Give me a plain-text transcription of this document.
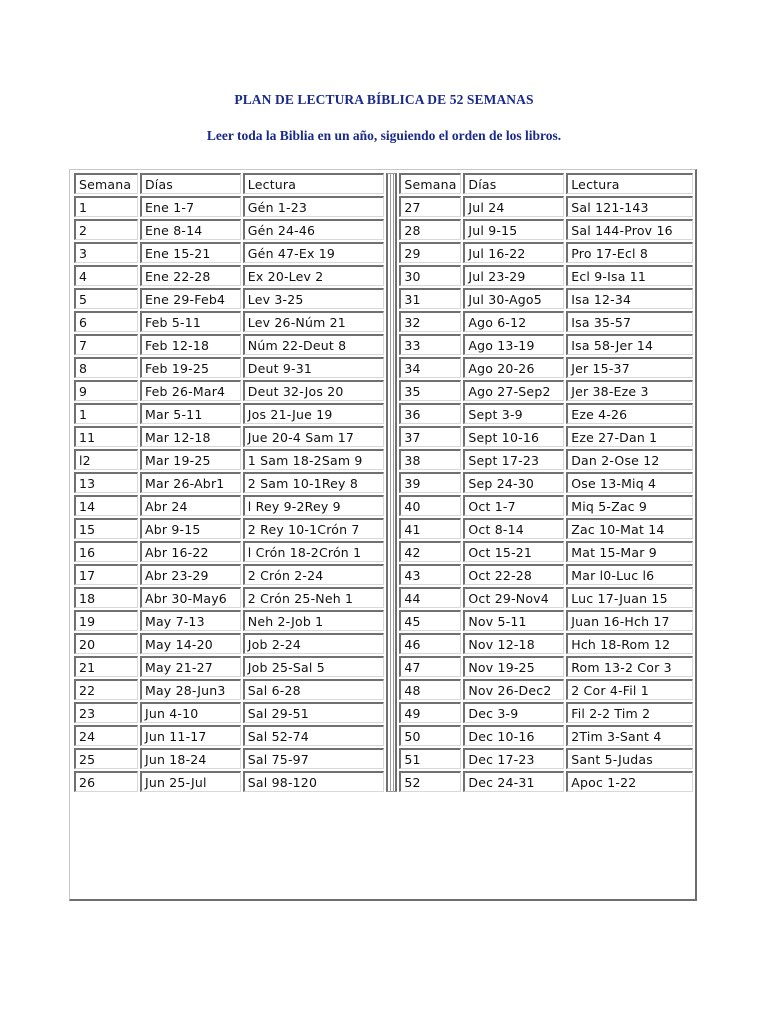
PLAN DE LECTURA BÍBLICA DE 52 SEMANAS
Leer toda la Biblia en un año, siguiendo el orden de los libros.
Semana	Días	Lectura		Semana	Días	Lectura
1	Ene 1-7	Gén 1-23		27	Jul 24	Sal 121-143
2	Ene 8-14	Gén 24-46		28	Jul 9-15	Sal 144-Prov 16
3	Ene 15-21	Gén 47-Ex 19		29	Jul 16-22	Pro 17-Ecl 8
4	Ene 22-28	Ex 20-Lev 2		30	Jul 23-29	Ecl 9-Isa 11
5	Ene 29-Feb4	Lev 3-25		31	Jul 30-Ago5	Isa 12-34
6	Feb 5-11	Lev 26-Núm 21		32	Ago 6-12	Isa 35-57
7	Feb 12-18	Núm 22-Deut 8		33	Ago 13-19	Isa 58-Jer 14
8	Feb 19-25	Deut 9-31		34	Ago 20-26	Jer 15-37
9	Feb 26-Mar4	Deut 32-Jos 20		35	Ago 27-Sep2	Jer 38-Eze 3
1	Mar 5-11	Jos 21-Jue 19		36	Sept 3-9	Eze 4-26
11	Mar 12-18	Jue 20-4 Sam 17		37	Sept 10-16	Eze 27-Dan 1
l2	Mar 19-25	1 Sam 18-2Sam 9		38	Sept 17-23	Dan 2-Ose 12
13	Mar 26-Abr1	2 Sam 10-1Rey 8		39	Sep 24-30	Ose 13-Miq 4
14	Abr 24	l Rey 9-2Rey 9		40	Oct 1-7	Miq 5-Zac 9
15	Abr 9-15	2 Rey 10-1Crón 7		41	Oct 8-14	Zac 10-Mat 14
16	Abr 16-22	l Crón 18-2Crón 1		42	Oct 15-21	Mat 15-Mar 9
17	Abr 23-29	2 Crón 2-24		43	Oct 22-28	Mar l0-Luc l6
18	Abr 30-May6	2 Crón 25-Neh 1		44	Oct 29-Nov4	Luc 17-Juan 15
19	May 7-13	Neh 2-Job 1		45	Nov 5-11	Juan 16-Hch 17
20	May 14-20	Job 2-24		46	Nov 12-18	Hch 18-Rom 12
21	May 21-27	Job 25-Sal 5		47	Nov 19-25	Rom 13-2 Cor 3
22	May 28-Jun3	Sal 6-28		48	Nov 26-Dec2	2 Cor 4-Fil 1
23	Jun 4-10	Sal 29-51		49	Dec 3-9	Fil 2-2 Tim 2
24	Jun 11-17	Sal 52-74		50	Dec 10-16	2Tim 3-Sant 4
25	Jun 18-24	Sal 75-97		51	Dec 17-23	Sant 5-Judas
26	Jun 25-Jul	Sal 98-120		52	Dec 24-31	Apoc 1-22
